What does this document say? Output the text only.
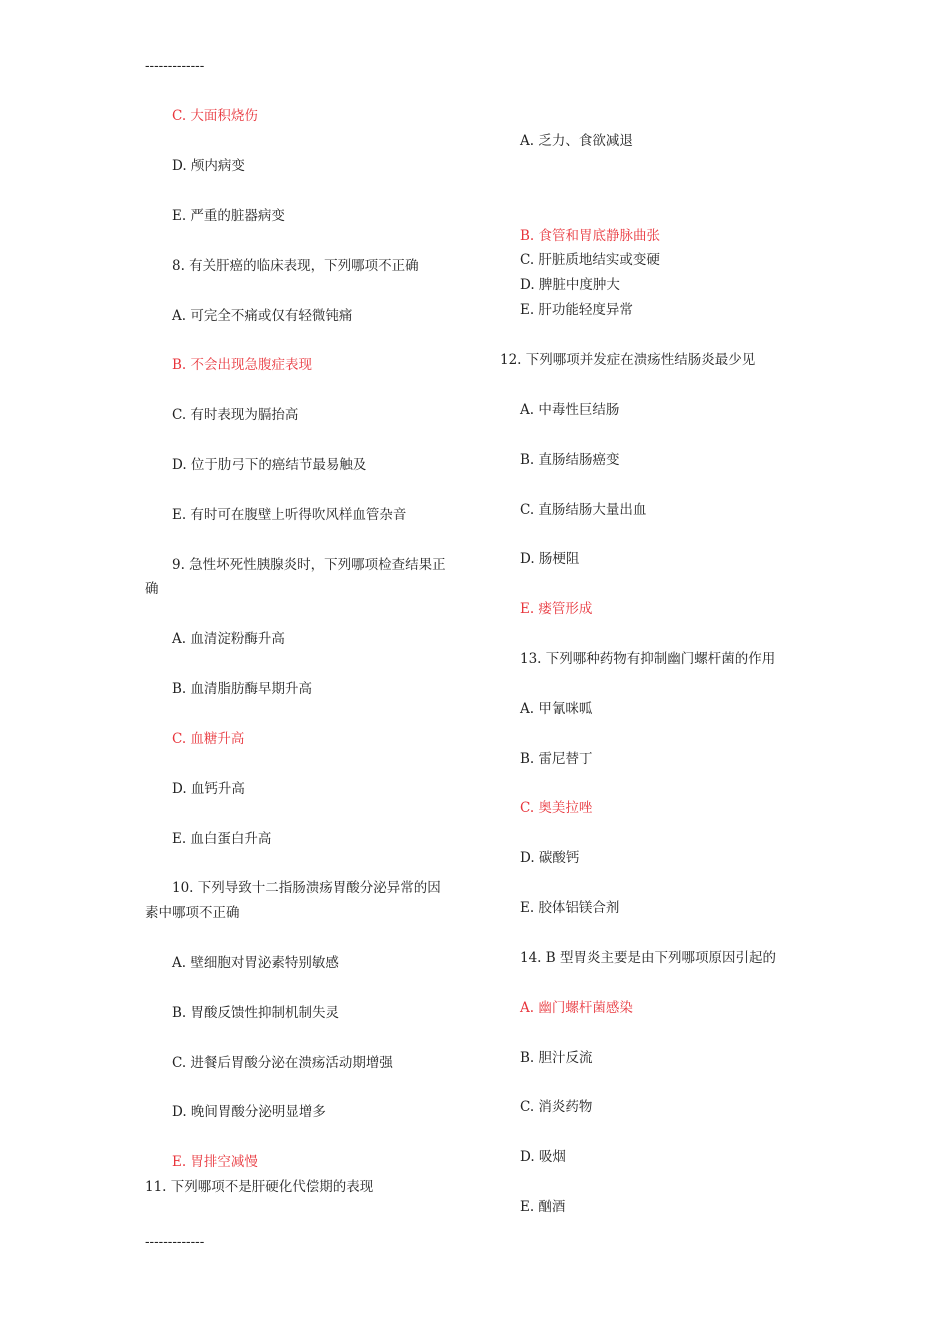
-------------
C. 大面积烧伤
D. 颅内病变
E. 严重的脏器病变
8. 有关肝癌的临床表现，下列哪项不正确
A. 可完全不痛或仅有轻微钝痛
B. 不会出现急腹症表现
C. 有时表现为膈抬高
D. 位于肋弓下的癌结节最易触及
E. 有时可在腹壁上听得吹风样血管杂音
9. 急性坏死性胰腺炎时，下列哪项检查结果正
确
A. 血清淀粉酶升高
B. 血清脂肪酶早期升高
C. 血糖升高
D. 血钙升高
E. 血白蛋白升高
10. 下列导致十二指肠溃疡胃酸分泌异常的因
素中哪项不正确
A. 壁细胞对胃泌素特别敏感
B. 胃酸反馈性抑制机制失灵
C. 进餐后胃酸分泌在溃疡活动期增强
D. 晚间胃酸分泌明显增多
E. 胃排空减慢
11. 下列哪项不是肝硬化代偿期的表现
A. 乏力、食欲减退
B. 食管和胃底静脉曲张
C. 肝脏质地结实或变硬
D. 脾脏中度肿大
E. 肝功能轻度异常
12. 下列哪项并发症在溃疡性结肠炎最少见
A. 中毒性巨结肠
B. 直肠结肠癌变
C. 直肠结肠大量出血
D. 肠梗阻
E. 瘘管形成
13. 下列哪种药物有抑制幽门螺杆菌的作用
A. 甲氰咪呱
B. 雷尼替丁
C. 奥美拉唑
D. 碳酸钙
E. 胶体铝镁合剂
14. B 型胃炎主要是由下列哪项原因引起的
A. 幽门螺杆菌感染
B. 胆汁反流
C. 消炎药物
D. 吸烟
E. 酗酒
-------------
